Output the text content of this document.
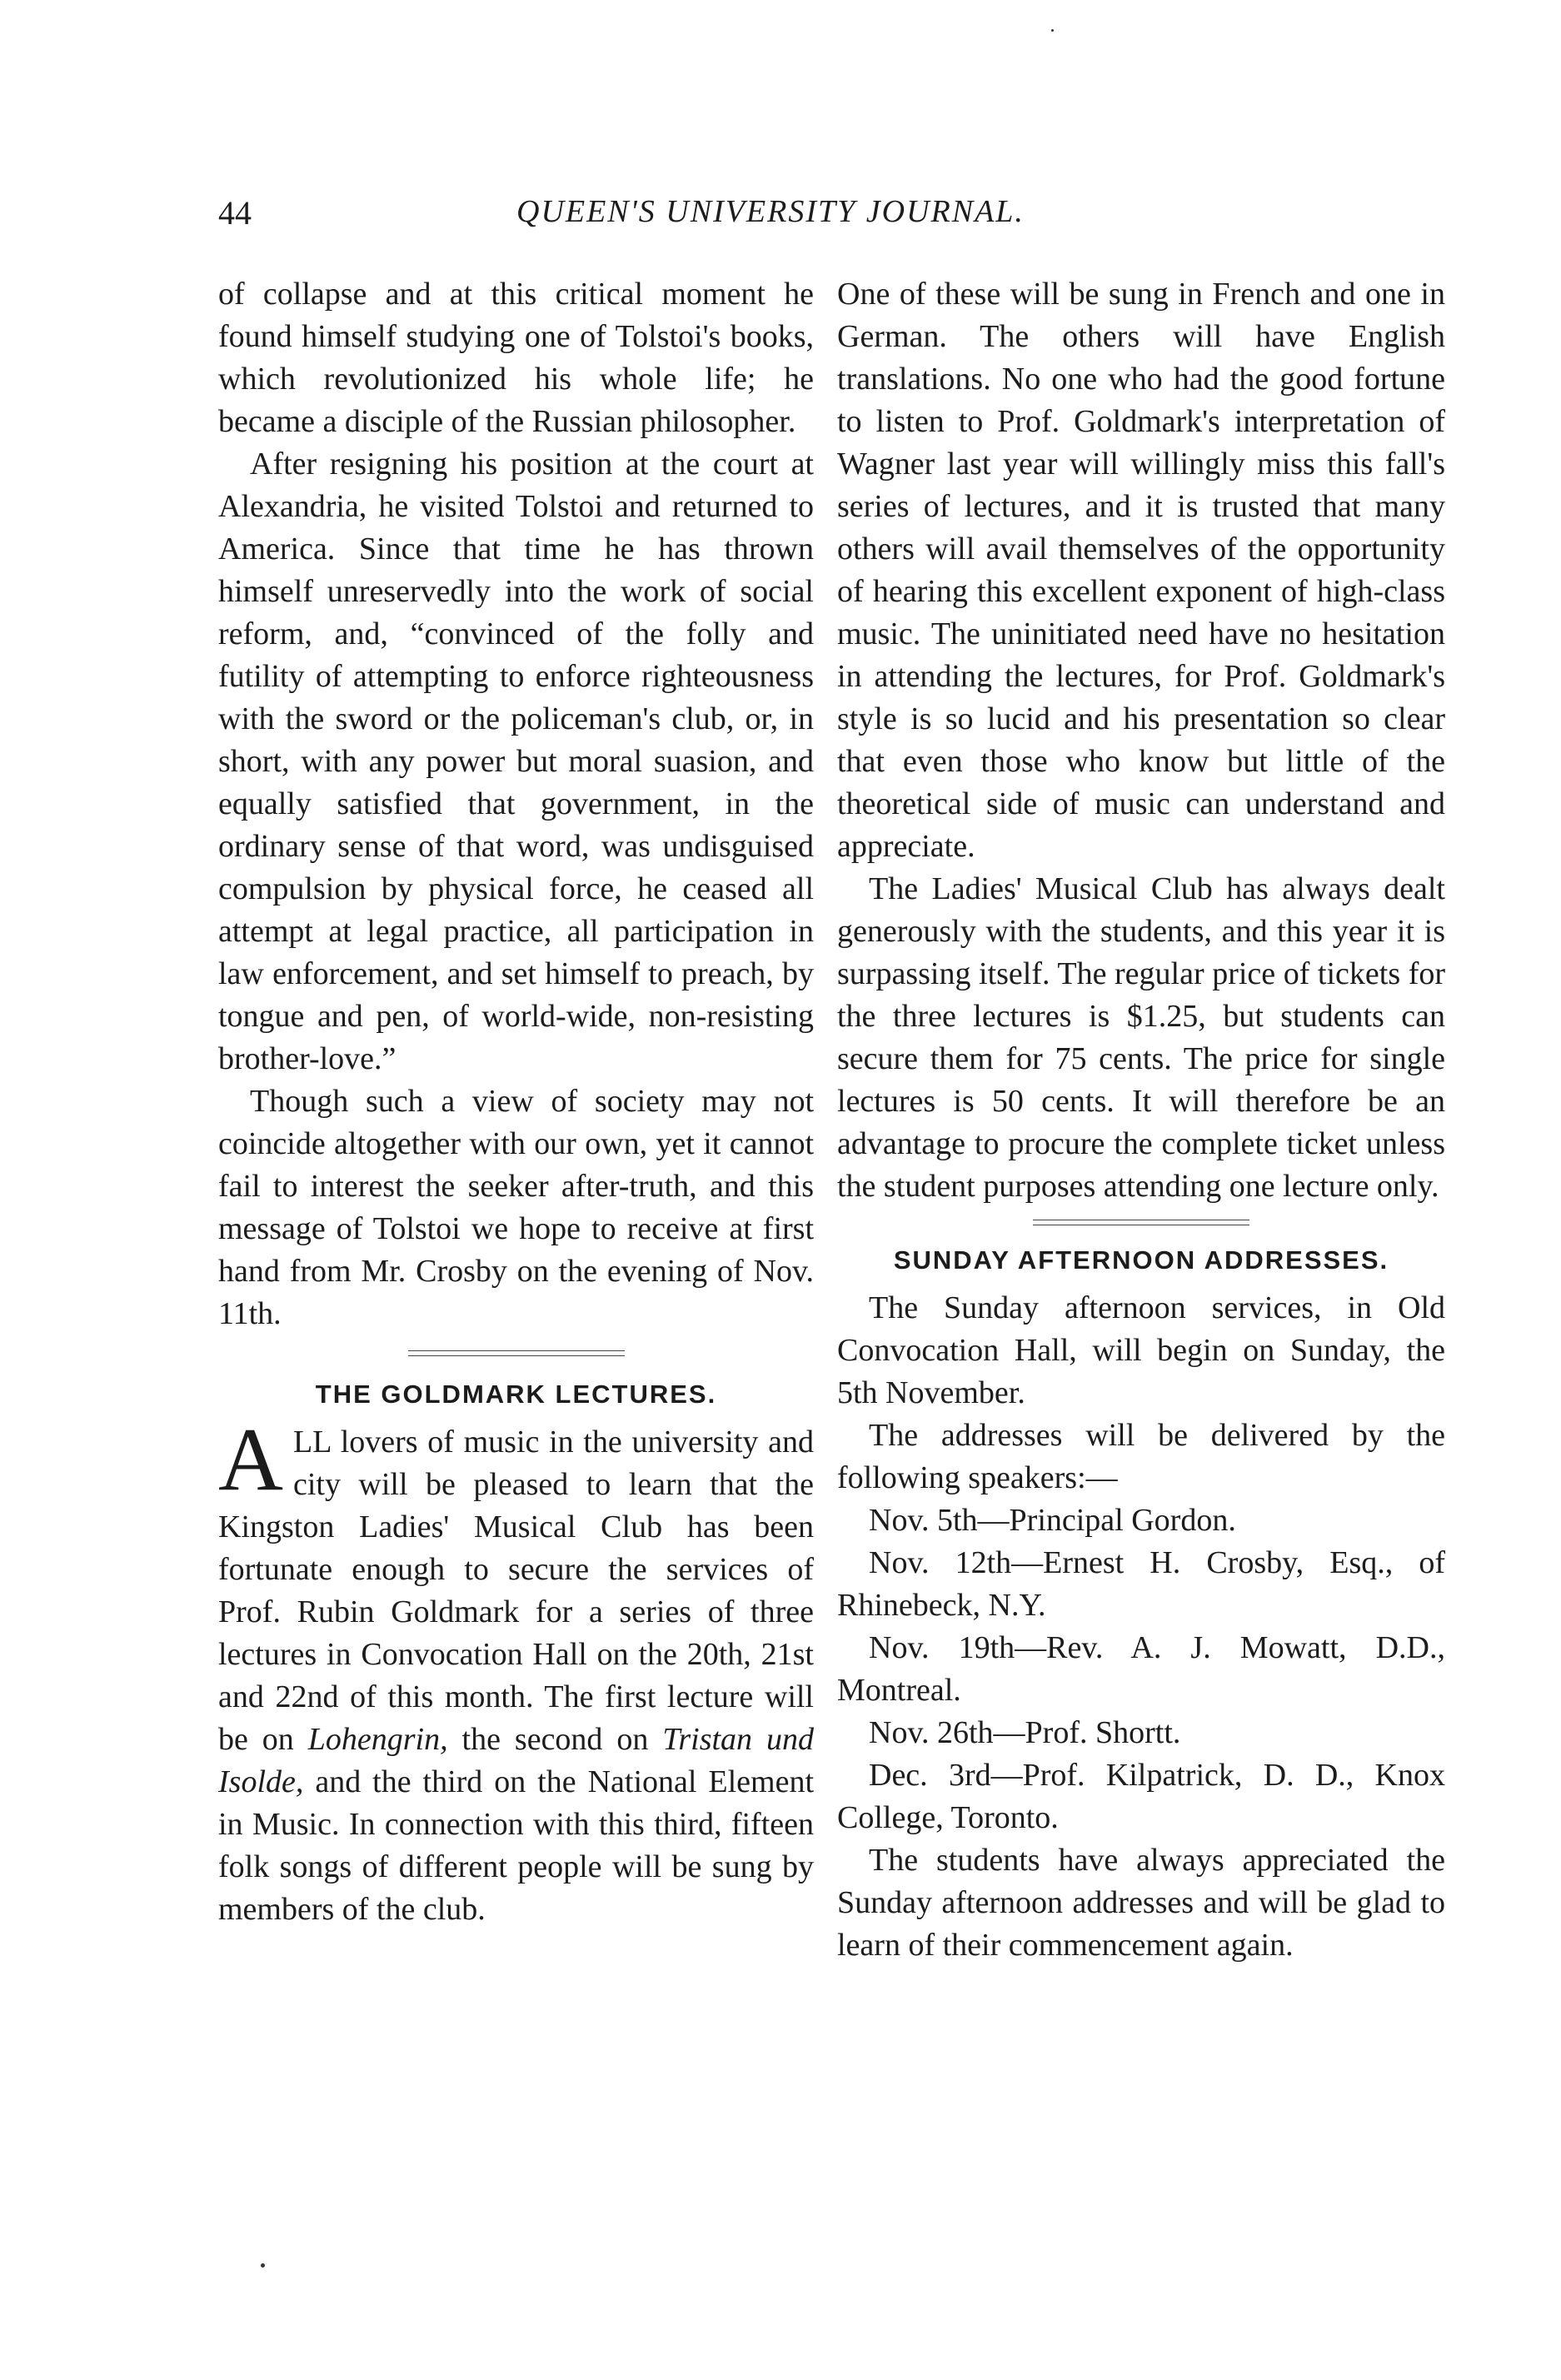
44	QUEEN'S UNIVERSITY JOURNAL.

of collapse and at this critical moment he found himself studying one of Tolstoi's books, which revolutionized his whole life; he became a disciple of the Russian philosopher.

After resigning his position at the court at Alexandria, he visited Tolstoi and returned to America. Since that time he has thrown himself unreservedly into the work of social reform, and, “convinced of the folly and futility of attempting to enforce righteousness with the sword or the policeman's club, or, in short, with any power but moral suasion, and equally satisfied that government, in the ordinary sense of that word, was undisguised compulsion by physical force, he ceased all attempt at legal practice, all participation in law enforcement, and set himself to preach, by tongue and pen, of world-wide, non-resisting brother-love.”

Though such a view of society may not coincide altogether with our own, yet it cannot fail to interest the seeker after-truth, and this message of Tolstoi we hope to receive at first hand from Mr. Crosby on the evening of Nov. 11th.

THE GOLDMARK LECTURES.

ALL lovers of music in the university and city will be pleased to learn that the Kingston Ladies' Musical Club has been fortunate enough to secure the services of Prof. Rubin Goldmark for a series of three lectures in Convocation Hall on the 20th, 21st and 22nd of this month. The first lecture will be on Lohengrin, the second on Tristan und Isolde, and the third on the National Element in Music. In connection with this third, fifteen folk songs of different people will be sung by members of the club.

One of these will be sung in French and one in German. The others will have English translations. No one who had the good fortune to listen to Prof. Goldmark's interpretation of Wagner last year will willingly miss this fall's series of lectures, and it is trusted that many others will avail themselves of the opportunity of hearing this excellent exponent of high-class music. The uninitiated need have no hesitation in attending the lectures, for Prof. Goldmark's style is so lucid and his presentation so clear that even those who know but little of the theoretical side of music can understand and appreciate.

The Ladies' Musical Club has always dealt generously with the students, and this year it is surpassing itself. The regular price of tickets for the three lectures is $1.25, but students can secure them for 75 cents. The price for single lectures is 50 cents. It will therefore be an advantage to procure the complete ticket unless the student purposes attending one lecture only.

SUNDAY AFTERNOON ADDRESSES.

The Sunday afternoon services, in Old Convocation Hall, will begin on Sunday, the 5th November.

The addresses will be delivered by the following speakers:—

Nov. 5th—Principal Gordon.

Nov. 12th—Ernest H. Crosby, Esq., of Rhinebeck, N.Y.

Nov. 19th—Rev. A. J. Mowatt, D.D., Montreal.

Nov. 26th—Prof. Shortt.

Dec. 3rd—Prof. Kilpatrick, D. D., Knox College, Toronto.

The students have always appreciated the Sunday afternoon addresses and will be glad to learn of their commencement again.
